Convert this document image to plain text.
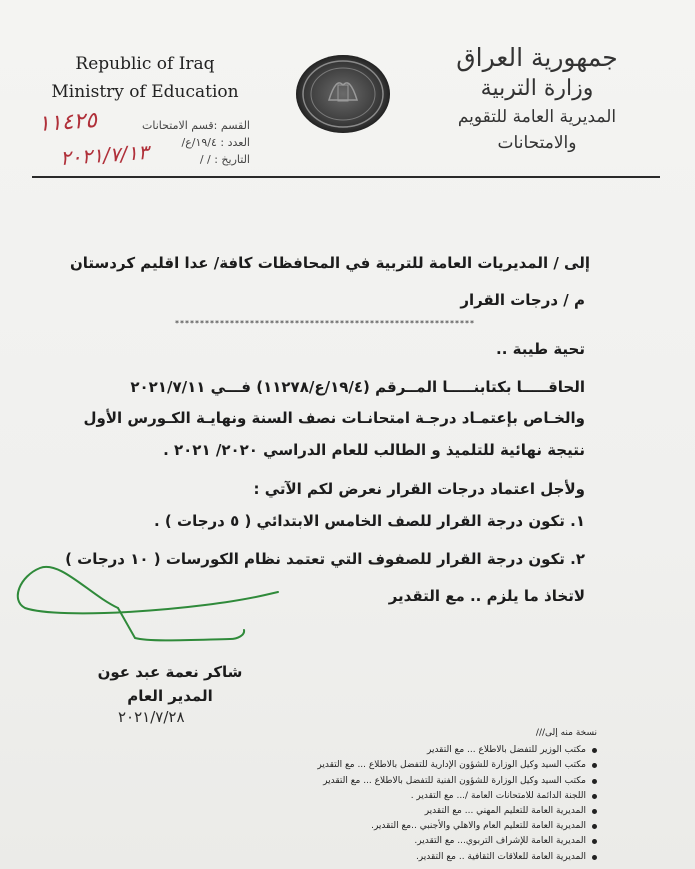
Republic of Iraq
Ministry of Education
جمهورية العراق
وزارة التربية
المديرية العامة للتقويم والامتحانات
القسم :قسم الامتحانات
العدد : ١٩/٤/ع/
التاريخ : / /
١١٤٢٥
٢٠٢١/٧/١٣
إلى / المديريات العامة للتربية في المحافظات كافة/ عدا اقليم كردستان
م / درجات القرار
************************************************************
تحية طيبة ..
الحاقـــــا بكتابنـــــا المــرقم (١٩/٤/ع/١١٢٧٨) فـــي ٢٠٢١/٧/١١
والخـاص بإعتمـاد درجـة امتحانـات نصف السنة ونهايـة الكـورس الأول
نتيجة نهائية للتلميذ و الطالب للعام الدراسي ٢٠٢٠/ ٢٠٢١ .
ولأجل اعتماد درجات القرار نعرض لكم الآتي :
١. تكون درجة القرار للصف الخامس الابتدائي ( ٥ درجات ) .
٢. تكون درجة القرار للصفوف التي تعتمد نظام الكورسات ( ١٠ درجات )
لاتخاذ ما يلزم .. مع التقدير
شاكر نعمة عبد عون
المدير العام
٢٠٢١/٧/٢٨
نسخة منه إلى///
مكتب الوزير للتفضل بالاطلاع ... مع التقدير
مكتب السيد وكيل الوزارة للشؤون الإدارية للتفضل بالاطلاع ... مع التقدير
مكتب السيد وكيل الوزارة للشؤون الفنية للتفضل بالاطلاع ... مع التقدير
اللجنة الدائمة للامتحانات العامة /... مع التقدير .
المديرية العامة للتعليم المهني ... مع التقدير
المديرية العامة للتعليم العام والاهلي والأجنبي ..مع التقدير.
المديرية العامة للإشراف التربوي... مع التقدير.
المديرية العامة للعلاقات الثقافية .. مع التقدير.
